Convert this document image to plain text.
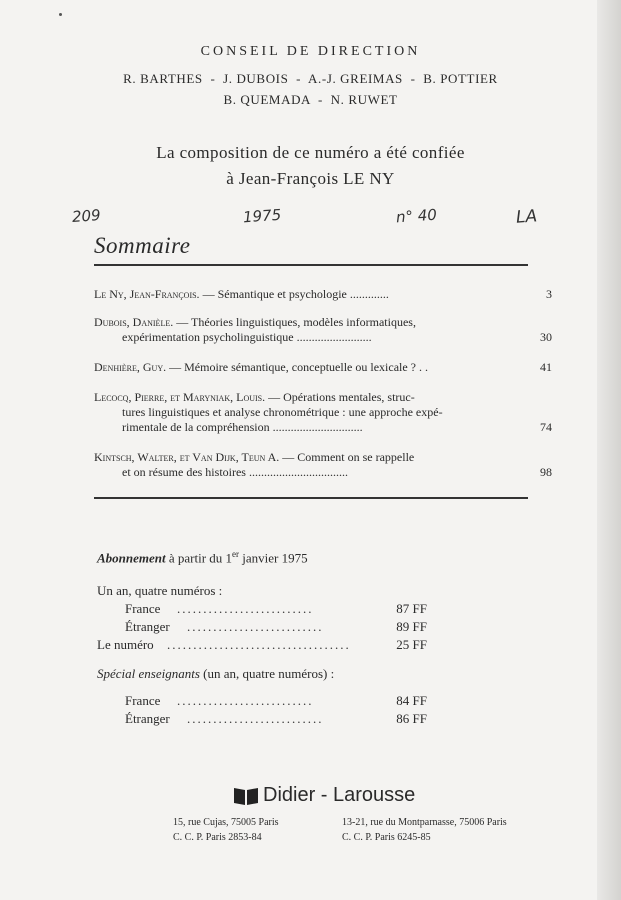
CONSEIL DE DIRECTION
R. BARTHES  -  J. DUBOIS  -  A.-J. GREIMAS  -  B. POTTIER
B. QUEMADA  -  N. RUWET
La composition de ce numéro a été confiée
à Jean-François LE NY
209	1975	n° 40	LA
Sommaire
Le Ny, Jean-François. — Sémantique et psychologie .............	3
Dubois, Danièle. — Théories linguistiques, modèles informatiques,
expérimentation psycholinguistique .........................	30
Denhière, Guy. — Mémoire sémantique, conceptuelle ou lexicale ? . .	41
Lecocq, Pierre, et Maryniak, Louis. — Opérations mentales, struc-
tures linguistiques et analyse chronométrique : une approche expé-
rimentale de la compréhension ..............................	74
Kintsch, Walter, et Van Dijk, Teun A. — Comment on se rappelle
et on résume des histoires .................................	98
Abonnement à partir du 1er janvier 1975
Un an, quatre numéros :
France ..........................	87 FF
Étranger ..........................	89 FF
Le numéro ...................................	25 FF
Spécial enseignants (un an, quatre numéros) :
France ..........................	84 FF
Étranger ..........................	86 FF
Didier - Larousse
15, rue Cujas, 75005 Paris
C. C. P. Paris 2853-84
13-21, rue du Montparnasse, 75006 Paris
C. C. P. Paris 6245-85
